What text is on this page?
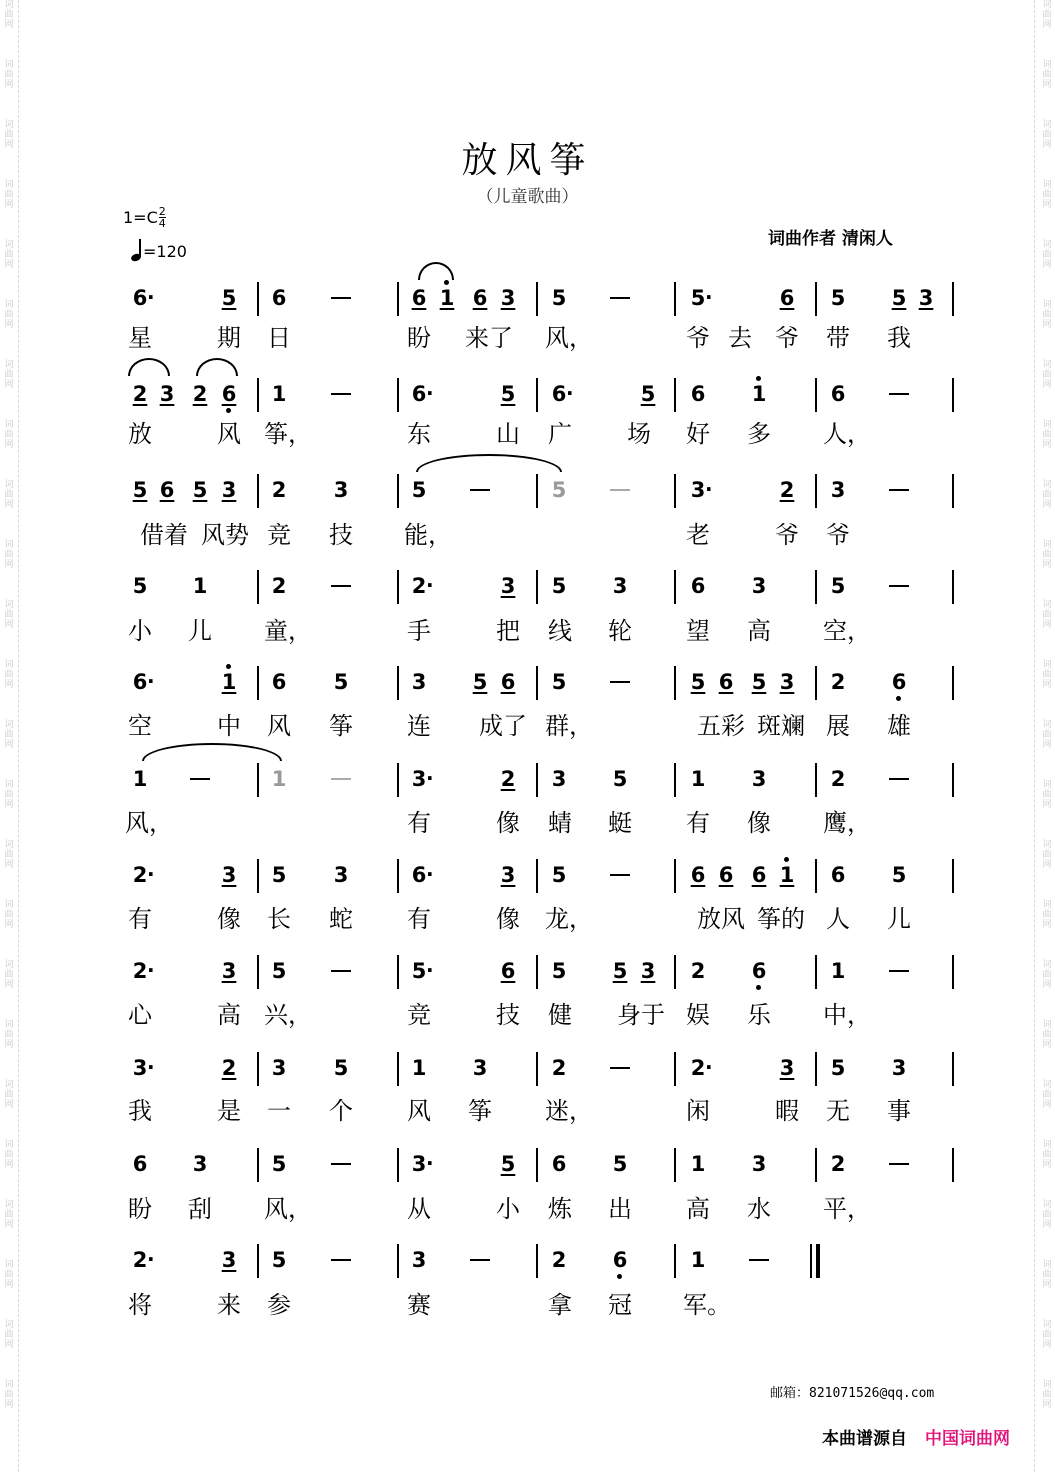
词
曲
网
词
曲
网
词
曲
网
词
曲
网
词
曲
网
词
曲
网
词
曲
网
词
曲
网
词
曲
网
词
曲
网
词
曲
网
词
曲
网
词
曲
网
词
曲
网
词
曲
网
词
曲
网
词
曲
网
词
曲
网
词
曲
网
词
曲
网
词
曲
网
词
曲
网
词
曲
网
词
曲
网
词
曲
网
词
曲
网
词
曲
网
词
曲
网
词
曲
网
词
曲
网
词
曲
网
词
曲
网
词
曲
网
词
曲
网
词
曲
网
词
曲
网
词
曲
网
词
曲
网
词
曲
网
词
曲
网
词
曲
网
词
曲
网
词
曲
网
词
曲
网
词
曲
网
词
曲
网
词
曲
网
词
曲
网
放风筝
（儿童歌曲）
$1=C \frac{2}{4}$
=120
词曲作者 清闲人
6 ·	5	6	6 1 6 3	5	5 ·	6	5	5 3
星	期 日	盼 来了	风，	爷	爷 带 我
去
2 3 2 6	1	6 ·	5	6 ·	5	6	1	6
放	风 筝，	东	山 广 场 好 多 人，
5 6 5 3	2	3	5	5	3 ·	2	3
借着 风势 竞 技 能，	老	爷 爷
5	1	2	2 ·	3	5	3	6	3	5
小 儿 童，	手	把 线 轮 望 高 空，
6 ·	1	6	5	3	5 6	5	5 6 5 3	2	6
空	中 风 筝 连 成了 群，	五彩 斑斓 展 雄
1	1	3 ·	2	3	5	1	3	2
风，	有	像 蜻 蜓 有 像 鹰，
2 ·	3	5	3	6 ·	3	5	6 6 6 1	6	5
有	像 长 蛇 有	像 龙，	放风 筝的 人 儿
2 ·	3	5	5 ·	6	5	5 3	2	6	1
心	高 兴，	竞	技 健 身于 娱 乐 中，
3 ·	2	3	5	1	3	2	2 ·	3	5	3
我	是 一 个 风 筝 迷，	闲	暇 无 事
6	3	5	3 ·	5	6	5	1	3	2
盼 刮 风，	从	小 炼 出 高 水 平，
2 ·	3	5	3	2	6	1
将	来 参	赛	拿 冠 军。
邮箱：821071526@qq.com
本曲谱源自 中国词曲网
